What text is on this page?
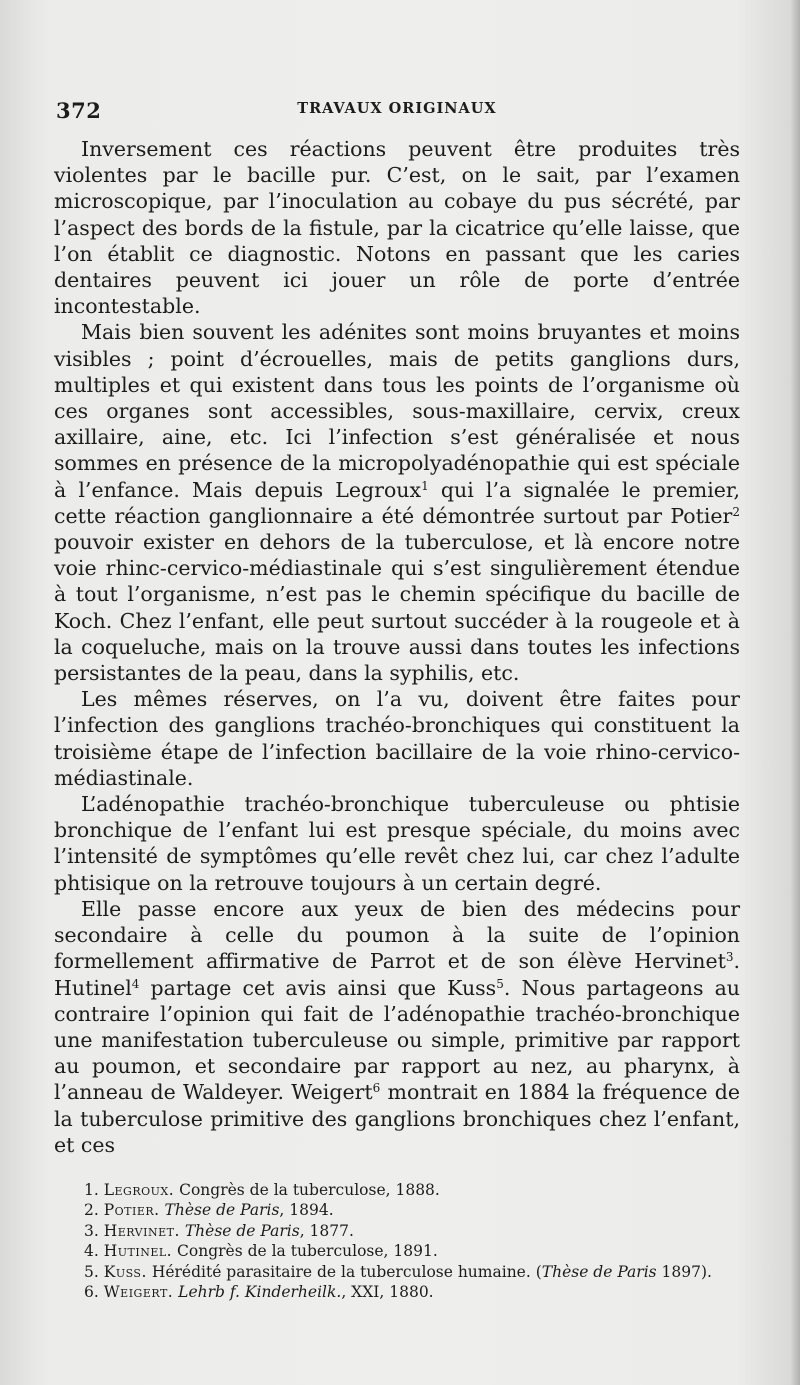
372	TRAVAUX ORIGINAUX

Inversement ces réactions peuvent être produites très violentes par le bacille pur. C’est, on le sait, par l’examen microscopique, par l’inoculation au cobaye du pus sécrété, par l’aspect des bords de la fistule, par la cicatrice qu’elle laisse, que l’on établit ce diagnostic. Notons en passant que les caries dentaires peuvent ici jouer un rôle de porte d’entrée incontestable.

Mais bien souvent les adénites sont moins bruyantes et moins visibles ; point d’écrouelles, mais de petits ganglions durs, multiples et qui existent dans tous les points de l’organisme où ces organes sont accessibles, sous-maxillaire, cervix, creux axillaire, aine, etc. Ici l’infection s’est généralisée et nous sommes en présence de la micropolyadénopathie qui est spéciale à l’enfance. Mais depuis Legroux$^1$ qui l’a signalée le premier, cette réaction ganglionnaire a été démontrée surtout par Potier$^2$ pouvoir exister en dehors de la tuberculose, et là encore notre voie rhinc-cervico-médiastinale qui s’est singulièrement étendue à tout l’organisme, n’est pas le chemin spécifique du bacille de Koch. Chez l’enfant, elle peut surtout succéder à la rougeole et à la coqueluche, mais on la trouve aussi dans toutes les infections persistantes de la peau, dans la syphilis, etc.

Les mêmes réserves, on l’a vu, doivent être faites pour l’infection des ganglions trachéo-bronchiques qui constituent la troisième étape de l’infection bacillaire de la voie rhino-cervico-médiastinale.

L’adénopathie trachéo-bronchique tuberculeuse ou phtisie bronchique de l’enfant lui est presque spéciale, du moins avec l’intensité de symptômes qu’elle revêt chez lui, car chez l’adulte phtisique on la retrouve toujours à un certain degré.

Elle passe encore aux yeux de bien des médecins pour secondaire à celle du poumon à la suite de l’opinion formellement affirmative de Parrot et de son élève Hervinet$^3$. Hutinel$^4$ partage cet avis ainsi que Kuss$^5$. Nous partageons au contraire l’opinion qui fait de l’adénopathie trachéo-bronchique une manifestation tuberculeuse ou simple, primitive par rapport au poumon, et secondaire par rapport au nez, au pharynx, à l’anneau de Waldeyer. Weigert$^6$ montrait en 1884 la fréquence de la tuberculose primitive des ganglions bronchiques chez l’enfant, et ces

1. Legroux. Congrès de la tuberculose, 1888.

2. Potier. Thèse de Paris, 1894.

3. Hervinet. Thèse de Paris, 1877.

4. Hutinel. Congrès de la tuberculose, 1891.

5. Kuss. Hérédité parasitaire de la tuberculose humaine. (Thèse de Paris 1897).

6. Weigert. Lehrb f. Kinderheilk., XXI, 1880.
